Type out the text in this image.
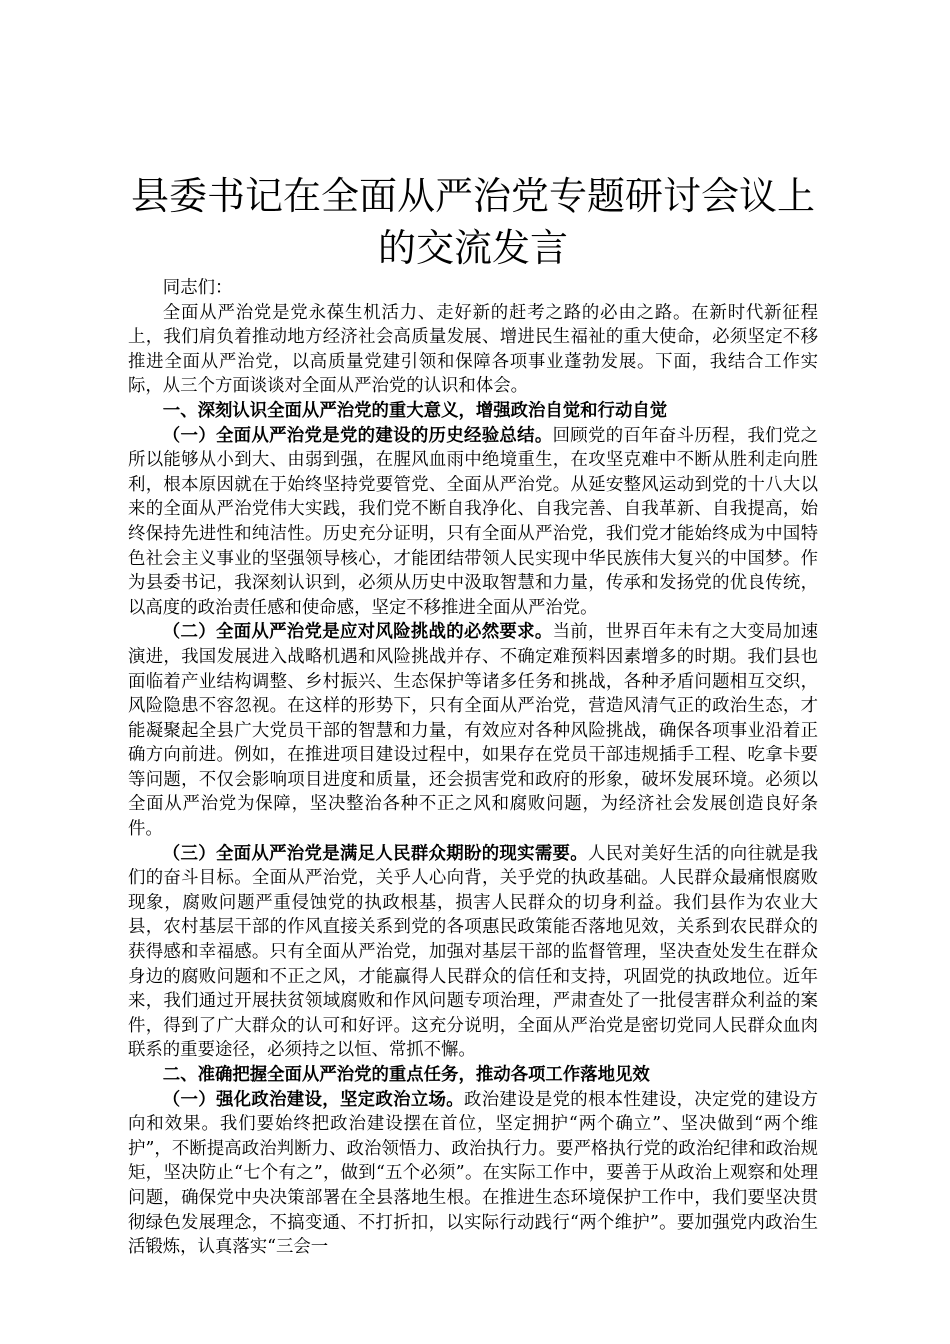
县委书记在全面从严治党专题研讨会议上的交流发言

同志们：

全面从严治党是党永葆生机活力、走好新的赶考之路的必由之路。在新时代新征程上，我们肩负着推动地方经济社会高质量发展、增进民生福祉的重大使命，必须坚定不移推进全面从严治党，以高质量党建引领和保障各项事业蓬勃发展。下面，我结合工作实际，从三个方面谈谈对全面从严治党的认识和体会。

一、深刻认识全面从严治党的重大意义，增强政治自觉和行动自觉

（一）全面从严治党是党的建设的历史经验总结。回顾党的百年奋斗历程，我们党之所以能够从小到大、由弱到强，在腥风血雨中绝境重生，在攻坚克难中不断从胜利走向胜利，根本原因就在于始终坚持党要管党、全面从严治党。从延安整风运动到党的十八大以来的全面从严治党伟大实践，我们党不断自我净化、自我完善、自我革新、自我提高，始终保持先进性和纯洁性。历史充分证明，只有全面从严治党，我们党才能始终成为中国特色社会主义事业的坚强领导核心，才能团结带领人民实现中华民族伟大复兴的中国梦。作为县委书记，我深刻认识到，必须从历史中汲取智慧和力量，传承和发扬党的优良传统，以高度的政治责任感和使命感，坚定不移推进全面从严治党。

（二）全面从严治党是应对风险挑战的必然要求。当前，世界百年未有之大变局加速演进，我国发展进入战略机遇和风险挑战并存、不确定难预料因素增多的时期。我们县也面临着产业结构调整、乡村振兴、生态保护等诸多任务和挑战，各种矛盾问题相互交织，风险隐患不容忽视。在这样的形势下，只有全面从严治党，营造风清气正的政治生态，才能凝聚起全县广大党员干部的智慧和力量，有效应对各种风险挑战，确保各项事业沿着正确方向前进。例如，在推进项目建设过程中，如果存在党员干部违规插手工程、吃拿卡要等问题，不仅会影响项目进度和质量，还会损害党和政府的形象，破坏发展环境。必须以全面从严治党为保障，坚决整治各种不正之风和腐败问题，为经济社会发展创造良好条件。

（三）全面从严治党是满足人民群众期盼的现实需要。人民对美好生活的向往就是我们的奋斗目标。全面从严治党，关乎人心向背，关乎党的执政基础。人民群众最痛恨腐败现象，腐败问题严重侵蚀党的执政根基，损害人民群众的切身利益。我们县作为农业大县，农村基层干部的作风直接关系到党的各项惠民政策能否落地见效，关系到农民群众的获得感和幸福感。只有全面从严治党，加强对基层干部的监督管理，坚决查处发生在群众身边的腐败问题和不正之风，才能赢得人民群众的信任和支持，巩固党的执政地位。近年来，我们通过开展扶贫领域腐败和作风问题专项治理，严肃查处了一批侵害群众利益的案件，得到了广大群众的认可和好评。这充分说明，全面从严治党是密切党同人民群众血肉联系的重要途径，必须持之以恒、常抓不懈。

二、准确把握全面从严治党的重点任务，推动各项工作落地见效

（一）强化政治建设，坚定政治立场。政治建设是党的根本性建设，决定党的建设方向和效果。我们要始终把政治建设摆在首位，坚定拥护“两个确立”、坚决做到“两个维护”，不断提高政治判断力、政治领悟力、政治执行力。要严格执行党的政治纪律和政治规矩，坚决防止“七个有之”，做到“五个必须”。在实际工作中，要善于从政治上观察和处理问题，确保党中央决策部署在全县落地生根。在推进生态环境保护工作中，我们要坚决贯彻绿色发展理念，不搞变通、不打折扣，以实际行动践行“两个维护”。要加强党内政治生活锻炼，认真落实“三会一
